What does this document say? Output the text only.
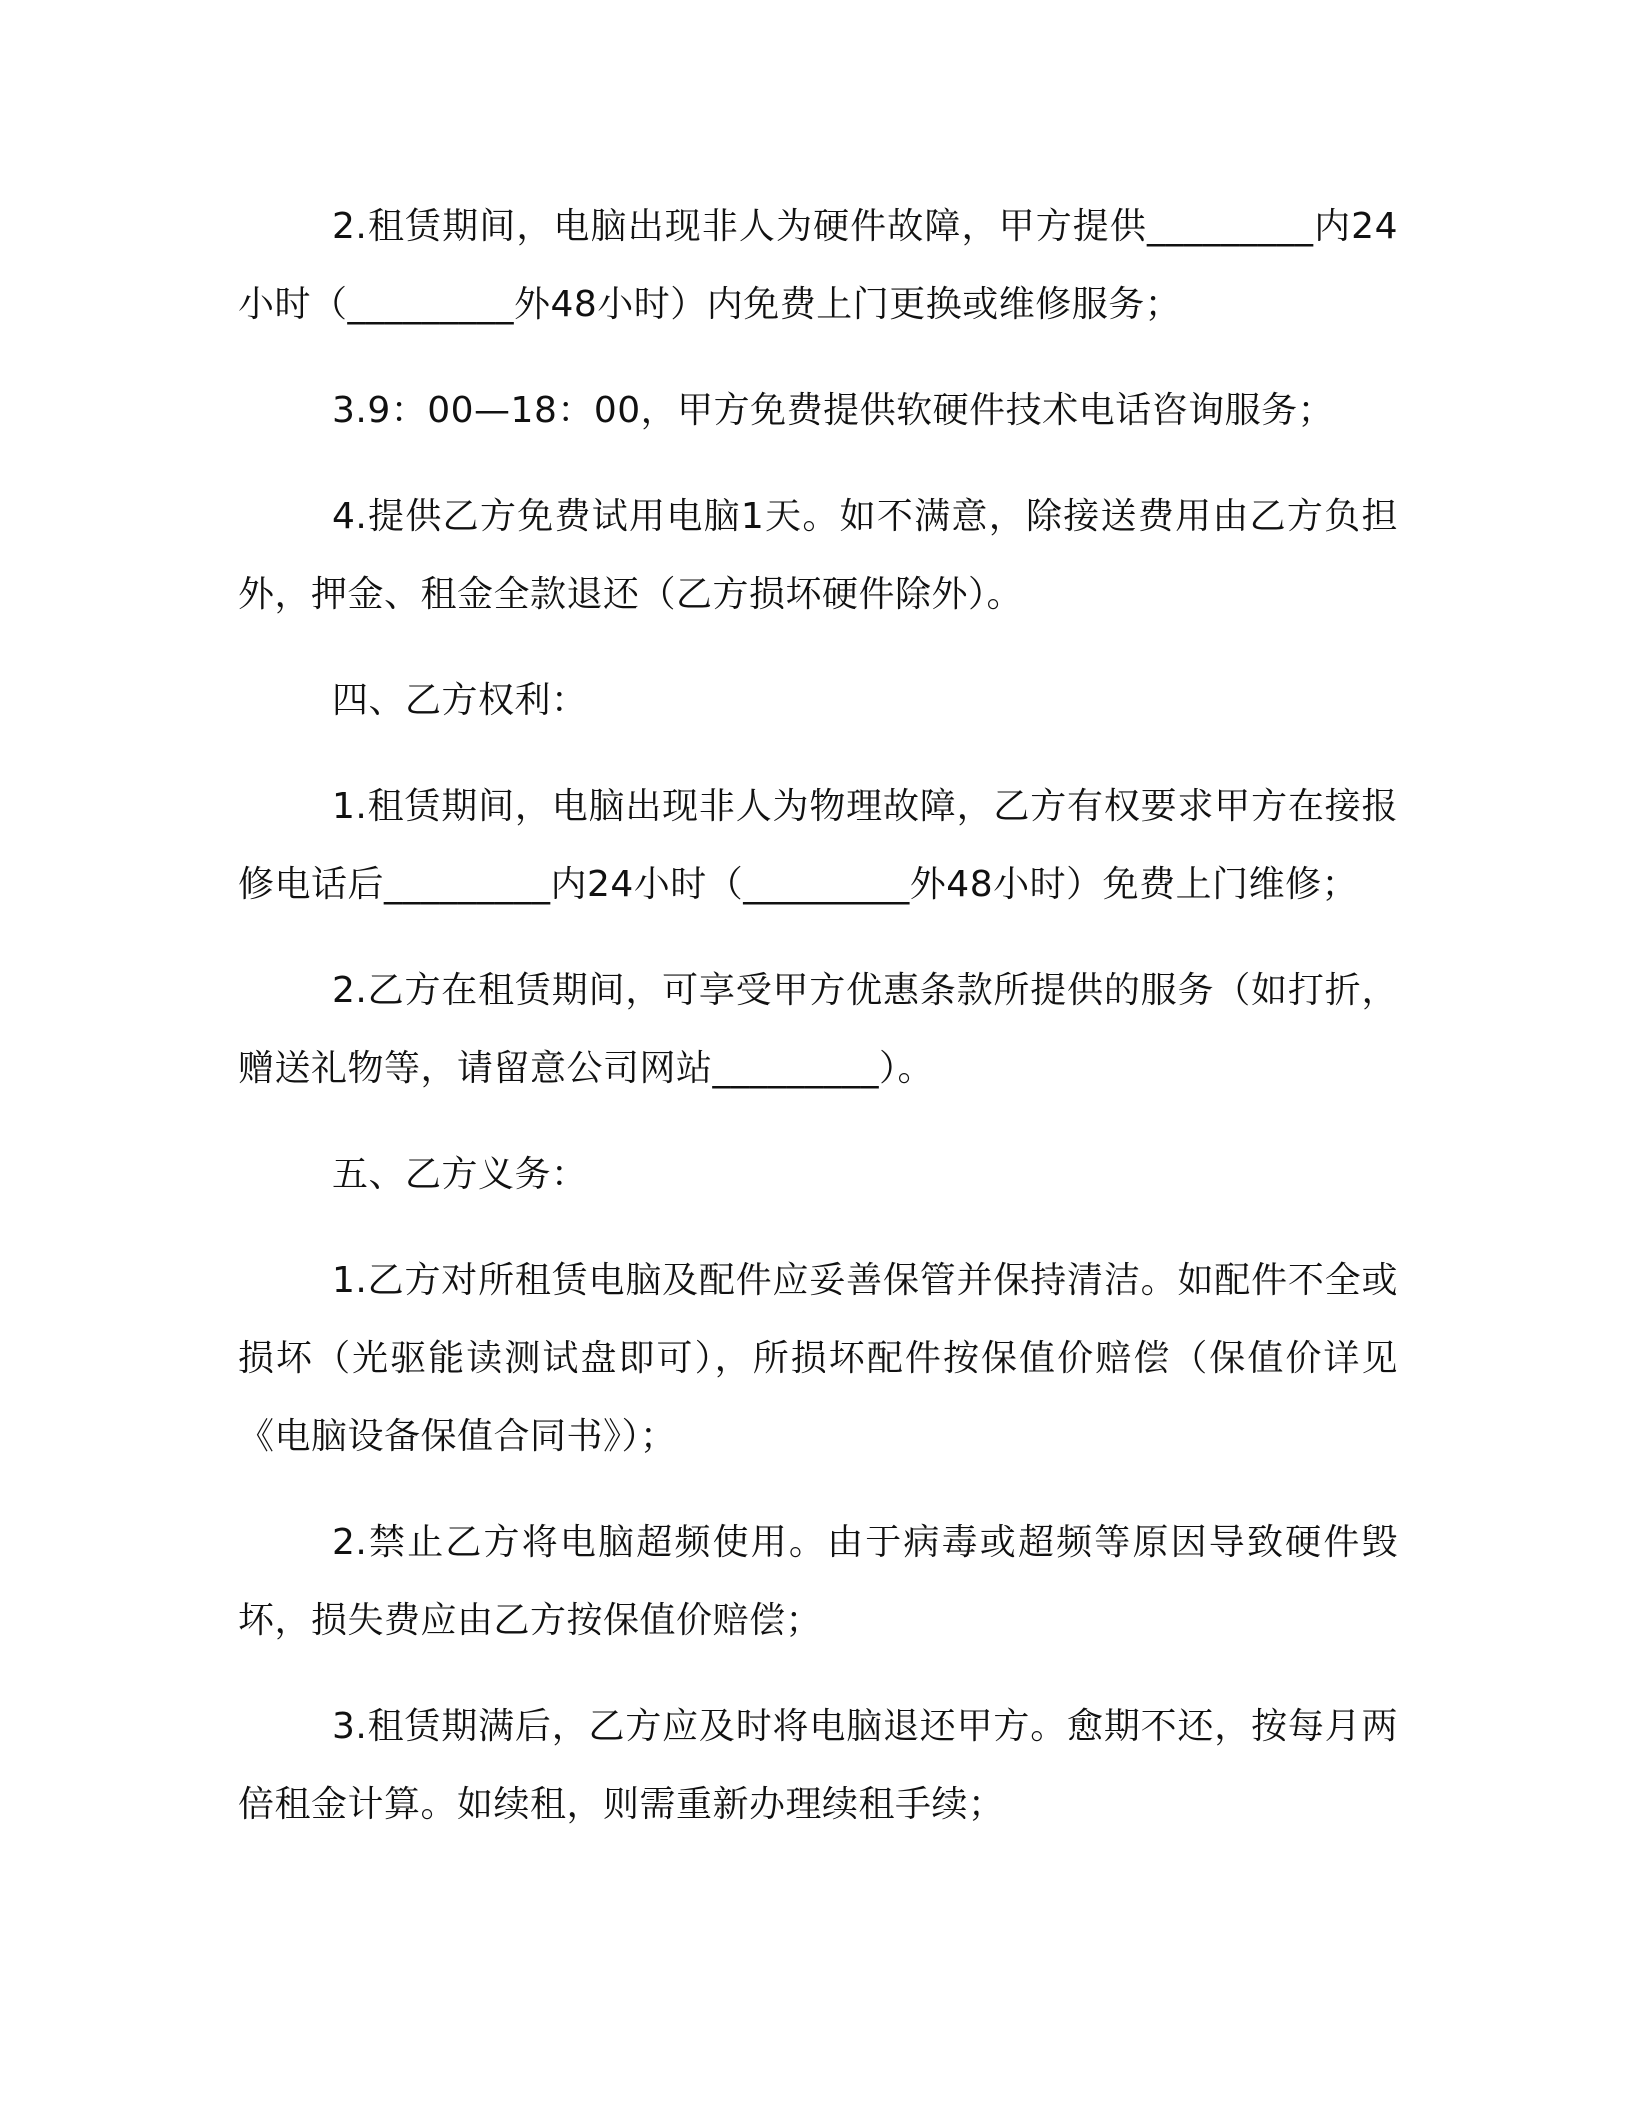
2.租赁期间，电脑出现非人为硬件故障，甲方提供_________内24小时（_________外48小时）内免费上门更换或维修服务；

3.9：00—18：00，甲方免费提供软硬件技术电话咨询服务；

4.提供乙方免费试用电脑1天。如不满意，除接送费用由乙方负担外，押金、租金全款退还（乙方损坏硬件除外）。

四、乙方权利：

1.租赁期间，电脑出现非人为物理故障，乙方有权要求甲方在接报修电话后_________内24小时（_________外48小时）免费上门维修；

2.乙方在租赁期间，可享受甲方优惠条款所提供的服务（如打折，赠送礼物等，请留意公司网站_________）。

五、乙方义务：

1.乙方对所租赁电脑及配件应妥善保管并保持清洁。如配件不全或损坏（光驱能读测试盘即可），所损坏配件按保值价赔偿（保值价详见《电脑设备保值合同书》）；

2.禁止乙方将电脑超频使用。由于病毒或超频等原因导致硬件毁坏，损失费应由乙方按保值价赔偿；

3.租赁期满后，乙方应及时将电脑退还甲方。愈期不还，按每月两倍租金计算。如续租，则需重新办理续租手续；
